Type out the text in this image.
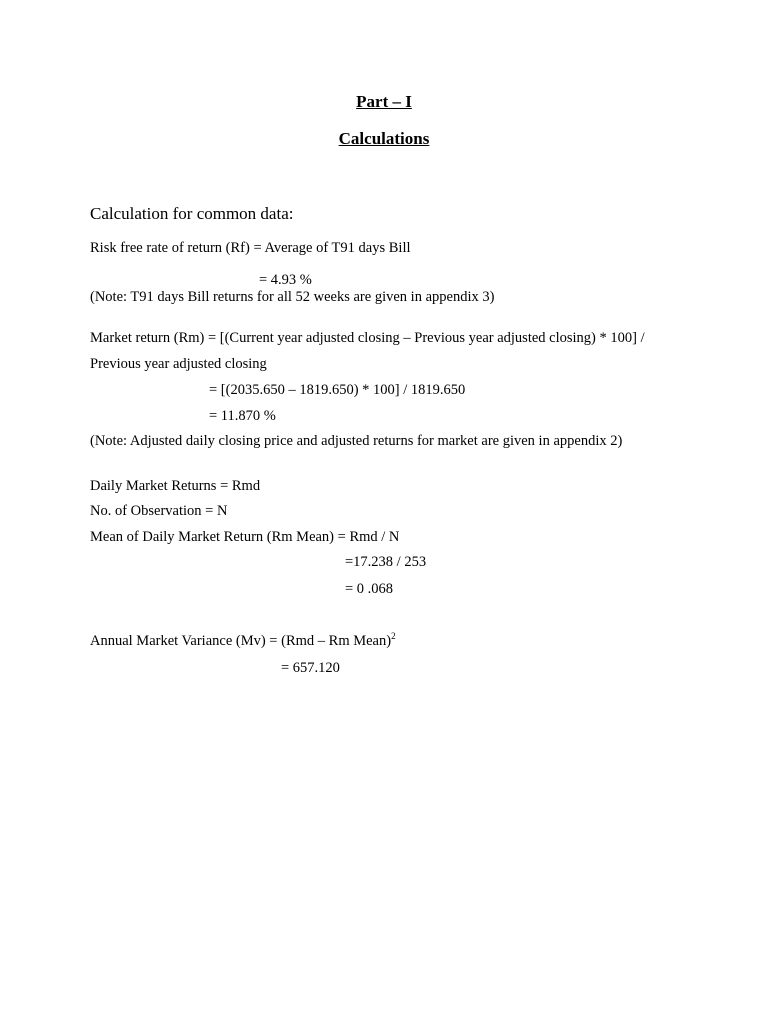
Part – I
Calculations
Calculation for common data:
Risk free rate of return (Rf) = Average of T91 days Bill
= 4.93 %
(Note: T91 days Bill returns for all 52 weeks are given in appendix 3)
Market return (Rm) = [(Current year adjusted closing – Previous year adjusted closing) * 100] /
Previous year adjusted closing
= [(2035.650 – 1819.650) * 100] / 1819.650
= 11.870 %
(Note: Adjusted daily closing price and adjusted returns for market are given in appendix 2)
Daily Market Returns = Rmd
No. of Observation = N
Mean of Daily Market Return (Rm Mean) = Rmd / N
=17.238 / 253
= 0 .068
Annual Market Variance (Mv) = (Rmd – Rm Mean)$^2$
= 657.120
